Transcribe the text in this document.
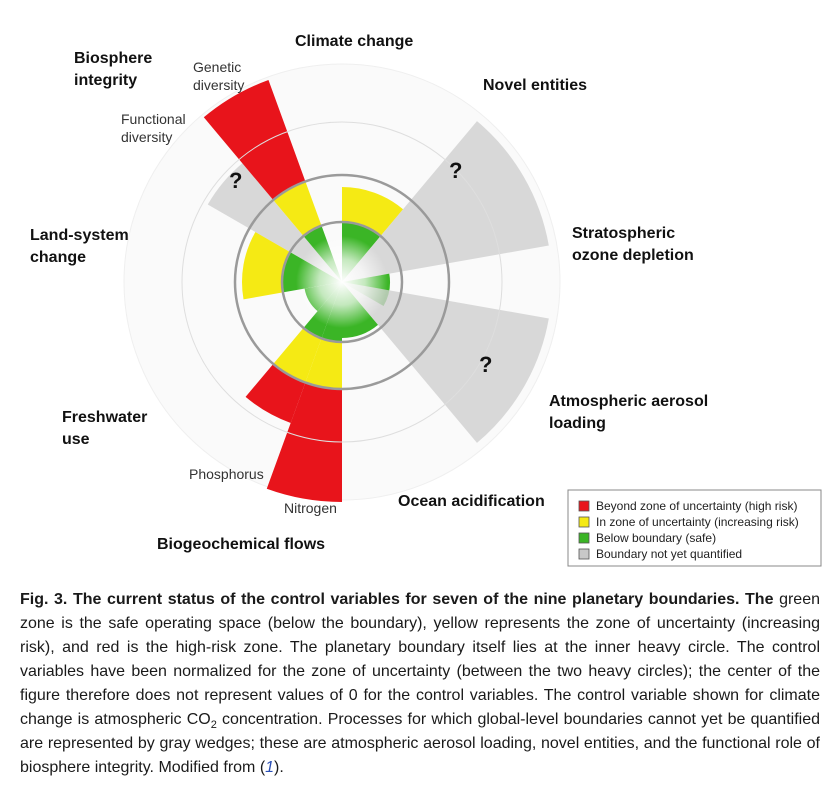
?
?
?
Climate change
Novel entities
Stratospheric
ozone depletion
Atmospheric aerosol
loading
Ocean acidification
Biogeochemical flows
Nitrogen
Phosphorus
Freshwater
use
Land-system
change
Biosphere
integrity
Genetic
diversity
Functional
diversity
Beyond zone of uncertainty (high risk)
In zone of uncertainty (increasing risk)
Below boundary (safe)
Boundary not yet quantified
Fig. 3. The current status of the control variables for seven of the nine planetary boundaries. The green zone is the safe operating space (below the boundary), yellow represents the zone of uncertainty (increasing risk), and red is the high-risk zone. The planetary boundary itself lies at the inner heavy circle. The control variables have been normalized for the zone of uncertainty (between the two heavy circles); the center of the figure therefore does not represent values of 0 for the control variables. The control variable shown for climate change is atmospheric $CO_2$ concentration. Processes for which global-level boundaries cannot yet be quantified are represented by gray wedges; these are atmospheric aerosol loading, novel entities, and the functional role of biosphere integrity. Modified from (1).
